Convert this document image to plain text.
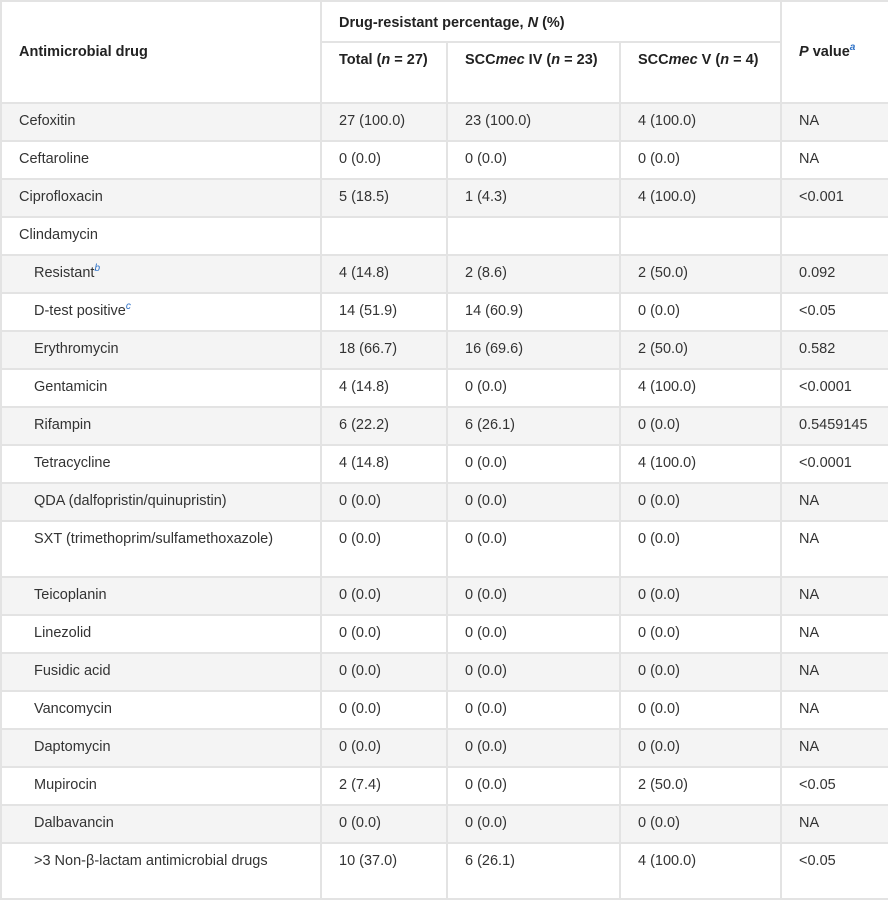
Antimicrobial drug	Drug-resistant percentage, N (%)			P value$^a$
	Total (n = 27)	SCCmec IV (n = 23)	SCCmec V (n = 4)	
Cefoxitin	27 (100.0)	23 (100.0)	4 (100.0)	NA
Ceftaroline	0 (0.0)	0 (0.0)	0 (0.0)	NA
Ciprofloxacin	5 (18.5)	1 (4.3)	4 (100.0)	<0.001
Clindamycin				
Resistant$^b$	4 (14.8)	2 (8.6)	2 (50.0)	0.092
D-test positive$^c$	14 (51.9)	14 (60.9)	0 (0.0)	<0.05
Erythromycin	18 (66.7)	16 (69.6)	2 (50.0)	0.582
Gentamicin	4 (14.8)	0 (0.0)	4 (100.0)	<0.0001
Rifampin	6 (22.2)	6 (26.1)	0 (0.0)	0.5459145
Tetracycline	4 (14.8)	0 (0.0)	4 (100.0)	<0.0001
QDA (dalfopristin/quinupristin)	0 (0.0)	0 (0.0)	0 (0.0)	NA
SXT (trimethoprim/sulfamethoxazole)	0 (0.0)	0 (0.0)	0 (0.0)	NA
Teicoplanin	0 (0.0)	0 (0.0)	0 (0.0)	NA
Linezolid	0 (0.0)	0 (0.0)	0 (0.0)	NA
Fusidic acid	0 (0.0)	0 (0.0)	0 (0.0)	NA
Vancomycin	0 (0.0)	0 (0.0)	0 (0.0)	NA
Daptomycin	0 (0.0)	0 (0.0)	0 (0.0)	NA
Mupirocin	2 (7.4)	0 (0.0)	2 (50.0)	<0.05
Dalbavancin	0 (0.0)	0 (0.0)	0 (0.0)	NA
>3 Non-β-lactam antimicrobial drugs	10 (37.0)	6 (26.1)	4 (100.0)	<0.05
